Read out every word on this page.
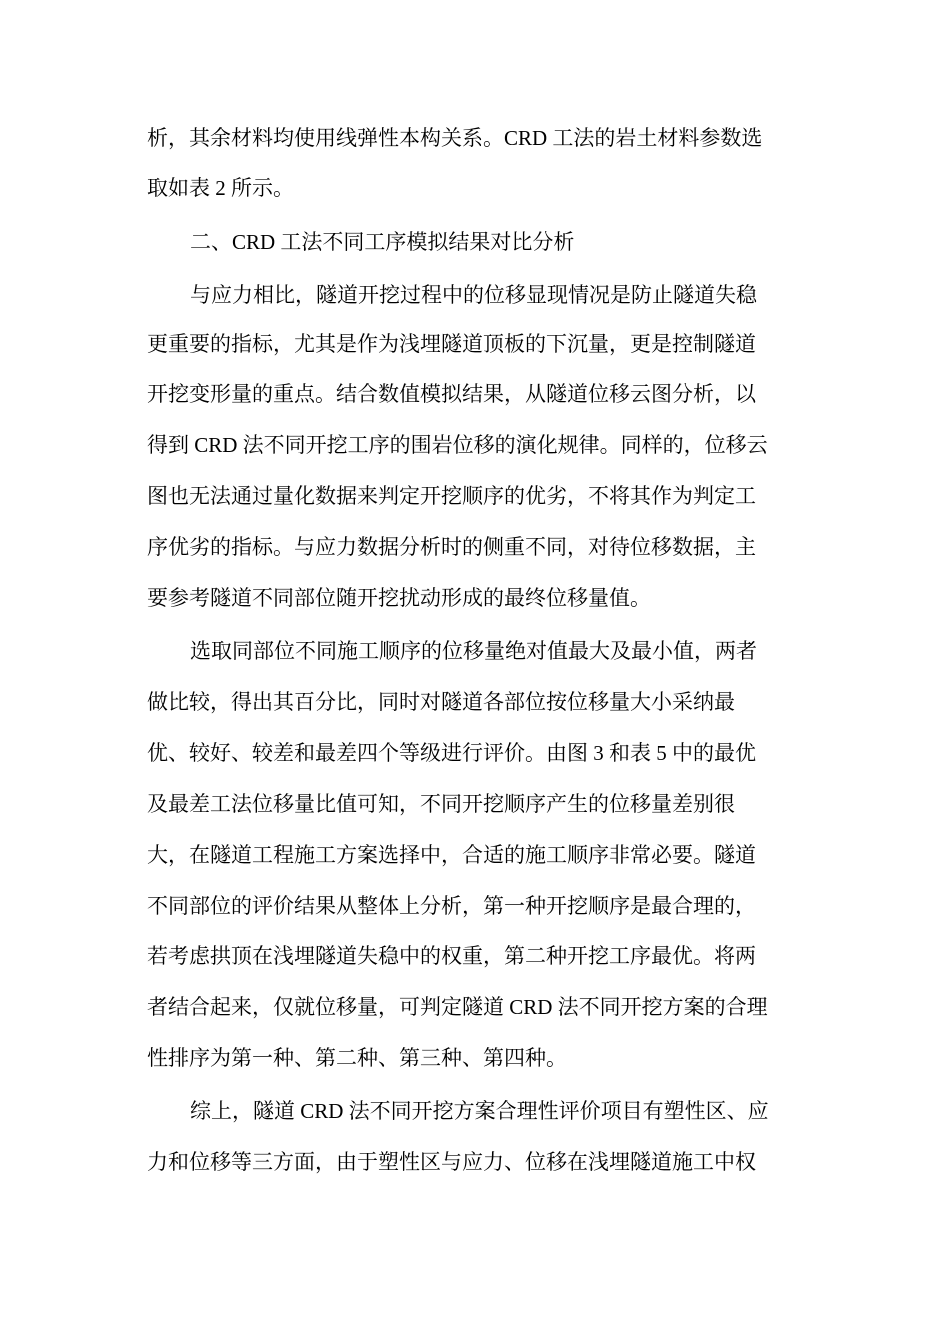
析，其余材料均使用线弹性本构关系。CRD 工法的岩土材料参数选
取如表 2 所示。
二、CRD 工法不同工序模拟结果对比分析
与应力相比，隧道开挖过程中的位移显现情况是防止隧道失稳
更重要的指标，尤其是作为浅埋隧道顶板的下沉量，更是控制隧道
开挖变形量的重点。结合数值模拟结果，从隧道位移云图分析，以
得到 CRD 法不同开挖工序的围岩位移的演化规律。同样的，位移云
图也无法通过量化数据来判定开挖顺序的优劣，不将其作为判定工
序优劣的指标。与应力数据分析时的侧重不同，对待位移数据，主
要参考隧道不同部位随开挖扰动形成的最终位移量值。
选取同部位不同施工顺序的位移量绝对值最大及最小值，两者
做比较，得出其百分比，同时对隧道各部位按位移量大小采纳最
优、较好、较差和最差四个等级进行评价。由图 3 和表 5 中的最优
及最差工法位移量比值可知，不同开挖顺序产生的位移量差别很
大，在隧道工程施工方案选择中，合适的施工顺序非常必要。隧道
不同部位的评价结果从整体上分析，第一种开挖顺序是最合理的，
若考虑拱顶在浅埋隧道失稳中的权重，第二种开挖工序最优。将两
者结合起来，仅就位移量，可判定隧道 CRD 法不同开挖方案的合理
性排序为第一种、第二种、第三种、第四种。
综上，隧道 CRD 法不同开挖方案合理性评价项目有塑性区、应
力和位移等三方面，由于塑性区与应力、位移在浅埋隧道施工中权
